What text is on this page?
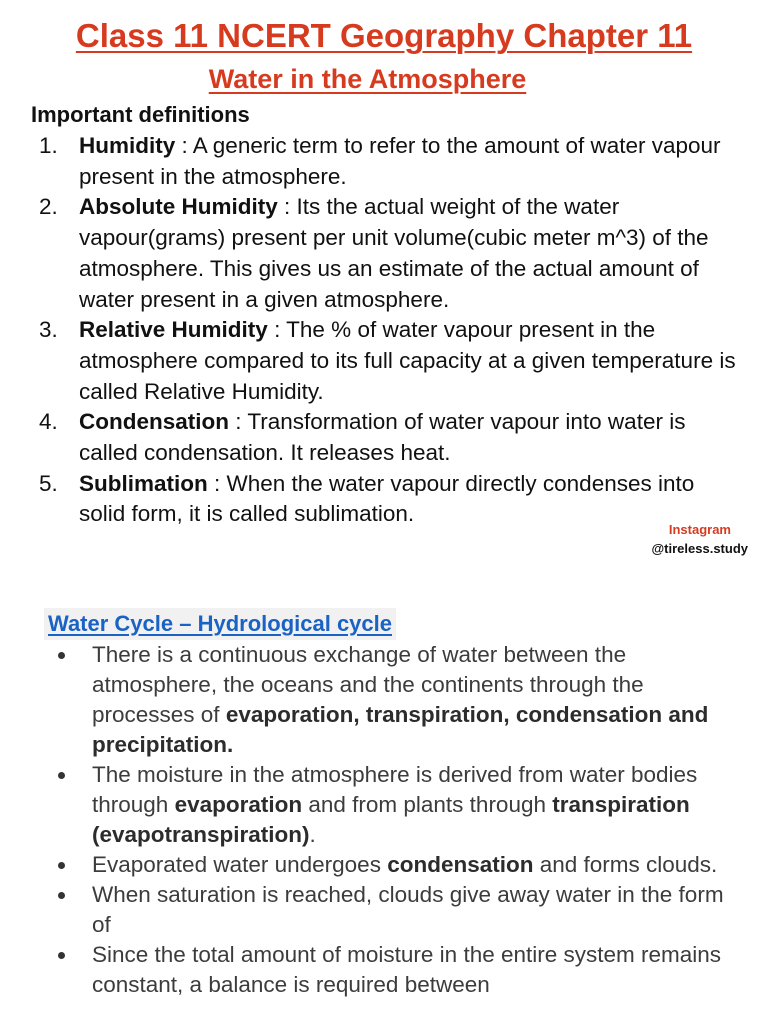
Class 11 NCERT Geography Chapter 11
Water in the Atmosphere
Important definitions
1. Humidity : A generic term to refer to the amount of water vapour present in the atmosphere.
2. Absolute Humidity : Its the actual weight of the water vapour(grams) present per unit volume(cubic meter m^3) of the atmosphere. This gives us an estimate of the actual amount of water present in a given atmosphere.
3. Relative Humidity : The % of water vapour present in the atmosphere compared to its full capacity at a given temperature is called Relative Humidity.
4. Condensation : Transformation of water vapour into water is called condensation. It releases heat.
5. Sublimation : When the water vapour directly condenses into solid form, it is called sublimation.

Instagram

@tireless.study

Water Cycle – Hydrological cycle
There is a continuous exchange of water between the atmosphere, the oceans and the continents through the processes of evaporation, transpiration, condensation and precipitation.
The moisture in the atmosphere is derived from water bodies through evaporation and from plants through transpiration (evapotranspiration).
Evaporated water undergoes condensation and forms clouds.
When saturation is reached, clouds give away water in the form of
Since the total amount of moisture in the entire system remains constant, a balance is required between
